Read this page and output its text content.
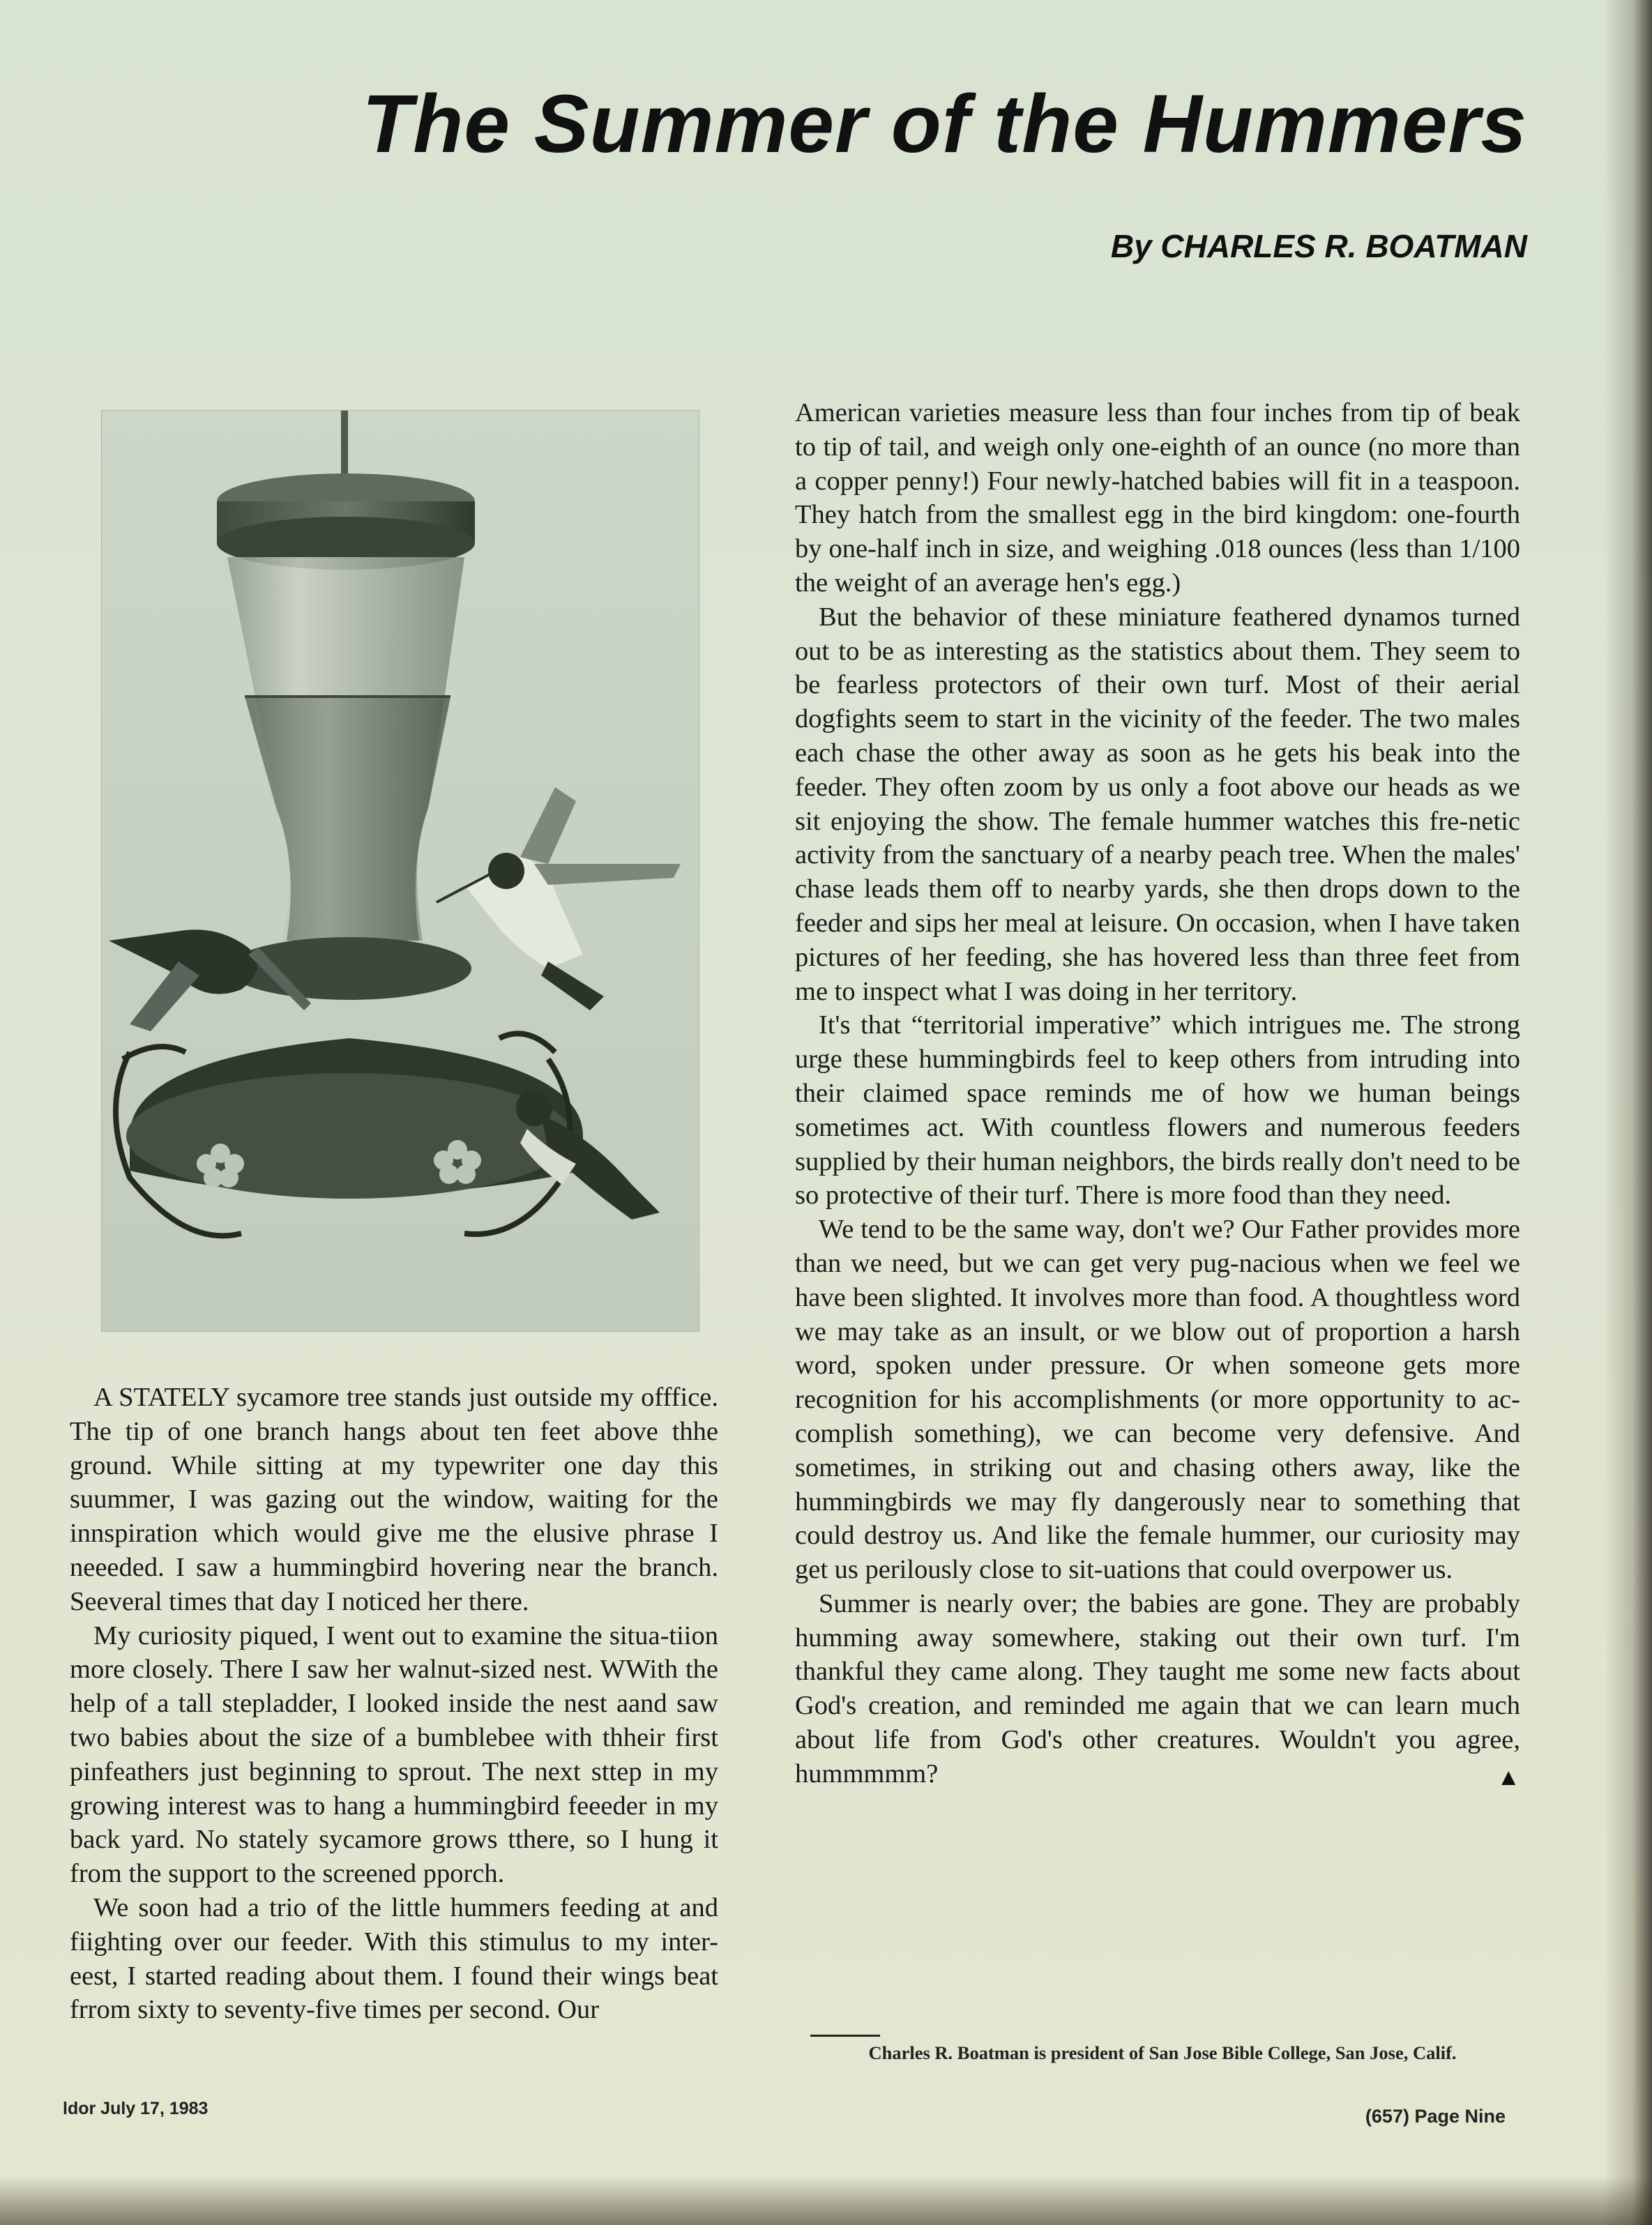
The Summer of the Hummers
By CHARLES R. BOATMAN

A STATELY sycamore tree stands just outside my offfice. The tip of one branch hangs about ten feet above thhe ground. While sitting at my typewriter one day this suummer, I was gazing out the window, waiting for the innspiration which would give me the elusive phrase I neeeded. I saw a hummingbird hovering near the branch. Seeveral times that day I noticed her there.

My curiosity piqued, I went out to examine the situa-tiion more closely. There I saw her walnut-sized nest. WWith the help of a tall stepladder, I looked inside the nest aand saw two babies about the size of a bumblebee with thheir first pinfeathers just beginning to sprout. The next sttep in my growing interest was to hang a hummingbird feeeder in my back yard. No stately sycamore grows tthere, so I hung it from the support to the screened pporch.

We soon had a trio of the little hummers feeding at and fiighting over our feeder. With this stimulus to my inter-eest, I started reading about them. I found their wings beat frrom sixty to seventy-five times per second. Our

American varieties measure less than four inches from tip of beak to tip of tail, and weigh only one-eighth of an ounce (no more than a copper penny!) Four newly-hatched babies will fit in a teaspoon. They hatch from the smallest egg in the bird kingdom: one-fourth by one-half inch in size, and weighing .018 ounces (less than 1/100 the weight of an average hen's egg.)

But the behavior of these miniature feathered dynamos turned out to be as interesting as the statistics about them. They seem to be fearless protectors of their own turf. Most of their aerial dogfights seem to start in the vicinity of the feeder. The two males each chase the other away as soon as he gets his beak into the feeder. They often zoom by us only a foot above our heads as we sit enjoying the show. The female hummer watches this fre-netic activity from the sanctuary of a nearby peach tree. When the males' chase leads them off to nearby yards, she then drops down to the feeder and sips her meal at leisure. On occasion, when I have taken pictures of her feeding, she has hovered less than three feet from me to inspect what I was doing in her territory.

It's that “territorial imperative” which intrigues me. The strong urge these hummingbirds feel to keep others from intruding into their claimed space reminds me of how we human beings sometimes act. With countless flowers and numerous feeders supplied by their human neighbors, the birds really don't need to be so protective of their turf. There is more food than they need.

We tend to be the same way, don't we? Our Father provides more than we need, but we can get very pug-nacious when we feel we have been slighted. It involves more than food. A thoughtless word we may take as an insult, or we blow out of proportion a harsh word, spoken under pressure. Or when someone gets more recognition for his accomplishments (or more opportunity to ac-complish something), we can become very defensive. And sometimes, in striking out and chasing others away, like the hummingbirds we may fly dangerously near to something that could destroy us. And like the female hummer, our curiosity may get us perilously close to sit-uations that could overpower us.

Summer is nearly over; the babies are gone. They are probably humming away somewhere, staking out their own turf. I'm thankful they came along. They taught me some new facts about God's creation, and reminded me again that we can learn much about life from God's other creatures. Wouldn't you agree, hummmmm?	▲

Charles R. Boatman is president of San Jose Bible College, San Jose, Calif.
ldor July 17, 1983	(657) Page Nine
